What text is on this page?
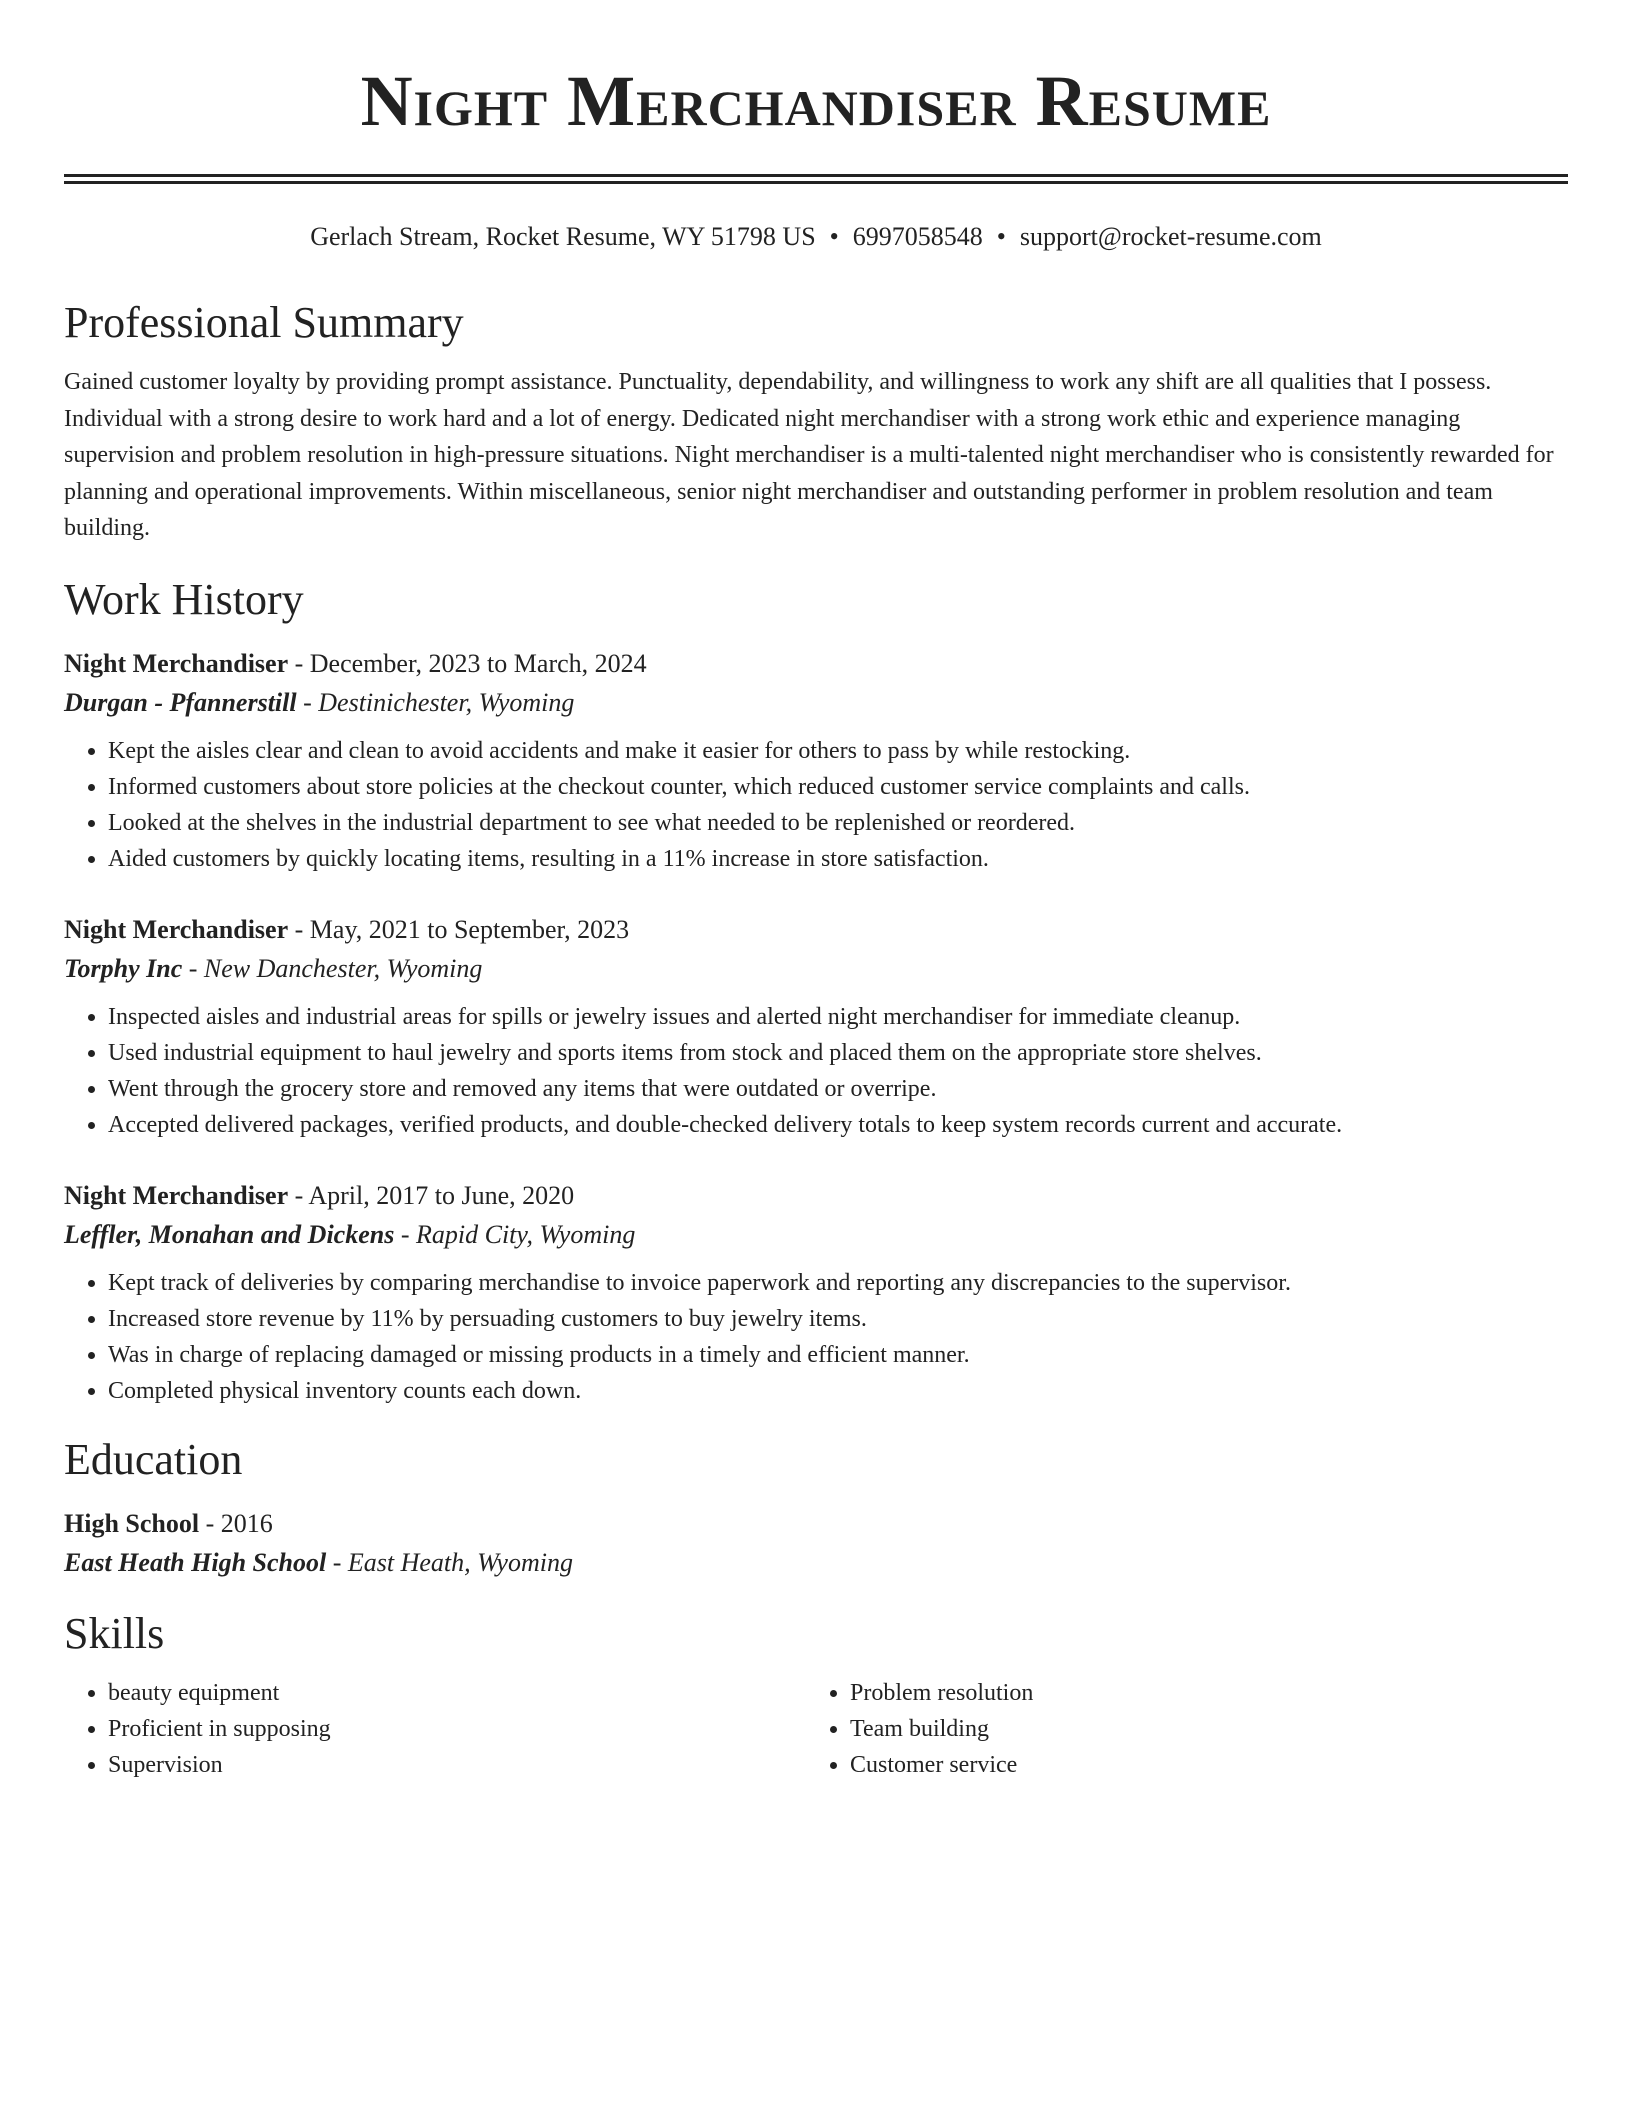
Night Merchandiser Resume
Gerlach Stream, Rocket Resume, WY 51798 US • 6997058548 • support@rocket-resume.com
Professional Summary

Gained customer loyalty by providing prompt assistance. Punctuality, dependability, and willingness to work any shift are all qualities that I possess. Individual with a strong desire to work hard and a lot of energy. Dedicated night merchandiser with a strong work ethic and experience managing supervision and problem resolution in high-pressure situations. Night merchandiser is a multi-talented night merchandiser who is consistently rewarded for planning and operational improvements. Within miscellaneous, senior night merchandiser and outstanding performer in problem resolution and team building.

Work History
Night Merchandiser - December, 2023 to March, 2024
Durgan - Pfannerstill - Destinichester, Wyoming
• Kept the aisles clear and clean to avoid accidents and make it easier for others to pass by while restocking.
• Informed customers about store policies at the checkout counter, which reduced customer service complaints and calls.
• Looked at the shelves in the industrial department to see what needed to be replenished or reordered.
• Aided customers by quickly locating items, resulting in a 11% increase in store satisfaction.
Night Merchandiser - May, 2021 to September, 2023
Torphy Inc - New Danchester, Wyoming
• Inspected aisles and industrial areas for spills or jewelry issues and alerted night merchandiser for immediate cleanup.
• Used industrial equipment to haul jewelry and sports items from stock and placed them on the appropriate store shelves.
• Went through the grocery store and removed any items that were outdated or overripe.
• Accepted delivered packages, verified products, and double-checked delivery totals to keep system records current and accurate.
Night Merchandiser - April, 2017 to June, 2020
Leffler, Monahan and Dickens - Rapid City, Wyoming
• Kept track of deliveries by comparing merchandise to invoice paperwork and reporting any discrepancies to the supervisor.
• Increased store revenue by 11% by persuading customers to buy jewelry items.
• Was in charge of replacing damaged or missing products in a timely and efficient manner.
• Completed physical inventory counts each down.
Education
High School - 2016
East Heath High School - East Heath, Wyoming
Skills
• beauty equipment
• Proficient in supposing
• Supervision
• Problem resolution
• Team building
• Customer service
